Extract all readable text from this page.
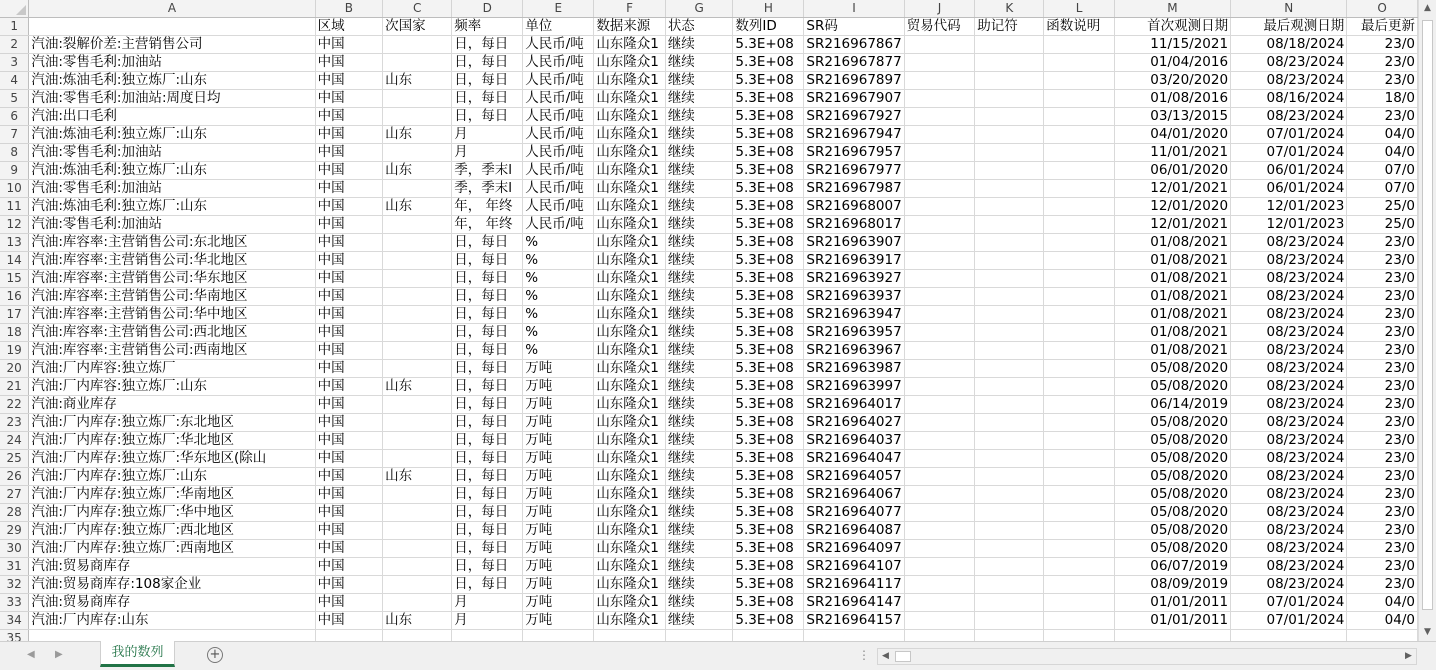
	A	B	C	D	E	F	G	H	I	J	K	L	M	N	O
1		区域	次国家	频率	单位	数据来源	状态	数列ID	SR码	贸易代码	助记符	函数说明	首次观测日期	最后观测日期	最后更新
2	汽油:裂解价差:主营销售公司	中国		日，每日	人民币/吨	山东隆众1	继续	5.3E+08	SR216967867				11/15/2021	08/18/2024	23/0
3	汽油:零售毛利:加油站	中国		日，每日	人民币/吨	山东隆众1	继续	5.3E+08	SR216967877				01/04/2016	08/23/2024	23/0
4	汽油:炼油毛利:独立炼厂:山东	中国	山东	日，每日	人民币/吨	山东隆众1	继续	5.3E+08	SR216967897				03/20/2020	08/23/2024	23/0
5	汽油:零售毛利:加油站:周度日均	中国		日，每日	人民币/吨	山东隆众1	继续	5.3E+08	SR216967907				01/08/2016	08/16/2024	18/0
6	汽油:出口毛利	中国		日，每日	人民币/吨	山东隆众1	继续	5.3E+08	SR216967927				03/13/2015	08/23/2024	23/0
7	汽油:炼油毛利:独立炼厂:山东	中国	山东	月	人民币/吨	山东隆众1	继续	5.3E+08	SR216967947				04/01/2020	07/01/2024	04/0
8	汽油:零售毛利:加油站	中国		月	人民币/吨	山东隆众1	继续	5.3E+08	SR216967957				11/01/2021	07/01/2024	04/0
9	汽油:炼油毛利:独立炼厂:山东	中国	山东	季，季末l	人民币/吨	山东隆众1	继续	5.3E+08	SR216967977				06/01/2020	06/01/2024	07/0
10	汽油:零售毛利:加油站	中国		季，季末l	人民币/吨	山东隆众1	继续	5.3E+08	SR216967987				12/01/2021	06/01/2024	07/0
11	汽油:炼油毛利:独立炼厂:山东	中国	山东	年， 年终	人民币/吨	山东隆众1	继续	5.3E+08	SR216968007				12/01/2020	12/01/2023	25/0
12	汽油:零售毛利:加油站	中国		年， 年终	人民币/吨	山东隆众1	继续	5.3E+08	SR216968017				12/01/2021	12/01/2023	25/0
13	汽油:库容率:主营销售公司:东北地区	中国		日，每日	%	山东隆众1	继续	5.3E+08	SR216963907				01/08/2021	08/23/2024	23/0
14	汽油:库容率:主营销售公司:华北地区	中国		日，每日	%	山东隆众1	继续	5.3E+08	SR216963917				01/08/2021	08/23/2024	23/0
15	汽油:库容率:主营销售公司:华东地区	中国		日，每日	%	山东隆众1	继续	5.3E+08	SR216963927				01/08/2021	08/23/2024	23/0
16	汽油:库容率:主营销售公司:华南地区	中国		日，每日	%	山东隆众1	继续	5.3E+08	SR216963937				01/08/2021	08/23/2024	23/0
17	汽油:库容率:主营销售公司:华中地区	中国		日，每日	%	山东隆众1	继续	5.3E+08	SR216963947				01/08/2021	08/23/2024	23/0
18	汽油:库容率:主营销售公司:西北地区	中国		日，每日	%	山东隆众1	继续	5.3E+08	SR216963957				01/08/2021	08/23/2024	23/0
19	汽油:库容率:主营销售公司:西南地区	中国		日，每日	%	山东隆众1	继续	5.3E+08	SR216963967				01/08/2021	08/23/2024	23/0
20	汽油:厂内库容:独立炼厂	中国		日，每日	万吨	山东隆众1	继续	5.3E+08	SR216963987				05/08/2020	08/23/2024	23/0
21	汽油:厂内库容:独立炼厂:山东	中国	山东	日，每日	万吨	山东隆众1	继续	5.3E+08	SR216963997				05/08/2020	08/23/2024	23/0
22	汽油:商业库存	中国		日，每日	万吨	山东隆众1	继续	5.3E+08	SR216964017				06/14/2019	08/23/2024	23/0
23	汽油:厂内库存:独立炼厂:东北地区	中国		日，每日	万吨	山东隆众1	继续	5.3E+08	SR216964027				05/08/2020	08/23/2024	23/0
24	汽油:厂内库存:独立炼厂:华北地区	中国		日，每日	万吨	山东隆众1	继续	5.3E+08	SR216964037				05/08/2020	08/23/2024	23/0
25	汽油:厂内库存:独立炼厂:华东地区(除山	中国		日，每日	万吨	山东隆众1	继续	5.3E+08	SR216964047				05/08/2020	08/23/2024	23/0
26	汽油:厂内库存:独立炼厂:山东	中国	山东	日，每日	万吨	山东隆众1	继续	5.3E+08	SR216964057				05/08/2020	08/23/2024	23/0
27	汽油:厂内库存:独立炼厂:华南地区	中国		日，每日	万吨	山东隆众1	继续	5.3E+08	SR216964067				05/08/2020	08/23/2024	23/0
28	汽油:厂内库存:独立炼厂:华中地区	中国		日，每日	万吨	山东隆众1	继续	5.3E+08	SR216964077				05/08/2020	08/23/2024	23/0
29	汽油:厂内库存:独立炼厂:西北地区	中国		日，每日	万吨	山东隆众1	继续	5.3E+08	SR216964087				05/08/2020	08/23/2024	23/0
30	汽油:厂内库存:独立炼厂:西南地区	中国		日，每日	万吨	山东隆众1	继续	5.3E+08	SR216964097				05/08/2020	08/23/2024	23/0
31	汽油:贸易商库存	中国		日，每日	万吨	山东隆众1	继续	5.3E+08	SR216964107				06/07/2019	08/23/2024	23/0
32	汽油:贸易商库存:108家企业	中国		日，每日	万吨	山东隆众1	继续	5.3E+08	SR216964117				08/09/2019	08/23/2024	23/0
33	汽油:贸易商库存	中国		月	万吨	山东隆众1	继续	5.3E+08	SR216964147				01/01/2011	07/01/2024	04/0
34	汽油:厂内库存:山东	中国	山东	月	万吨	山东隆众1	继续	5.3E+08	SR216964157				01/01/2011	07/01/2024	04/0
35															
▲
▼
◀ ▶	我的数列	+	⋮	◀	▶
